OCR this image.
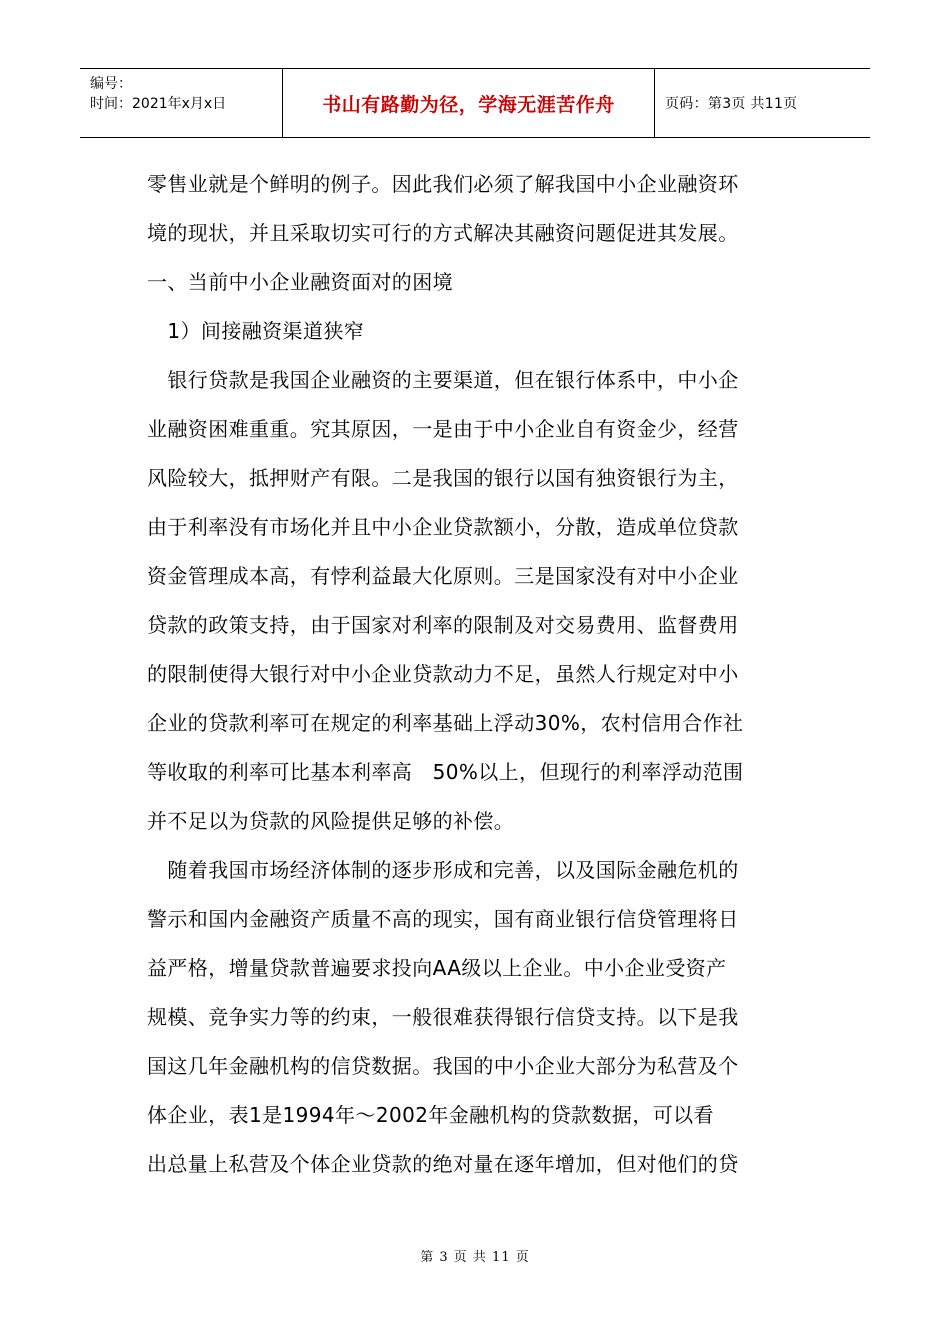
编号：
时间：2021年x月x日	书山有路勤为径，学海无涯苦作舟	页码：第3页 共11页
零售业就是个鲜明的例子。因此我们必须了解我国中小企业融资环
境的现状，并且采取切实可行的方式解决其融资问题促进其发展。
一、当前中小企业融资面对的困境
　1）间接融资渠道狭窄
　银行贷款是我国企业融资的主要渠道，但在银行体系中，中小企
业融资困难重重。究其原因，一是由于中小企业自有资金少，经营
风险较大，抵押财产有限。二是我国的银行以国有独资银行为主，
由于利率没有市场化并且中小企业贷款额小，分散，造成单位贷款
资金管理成本高，有悖利益最大化原则。三是国家没有对中小企业
贷款的政策支持，由于国家对利率的限制及对交易费用、监督费用
的限制使得大银行对中小企业贷款动力不足，虽然人行规定对中小
企业的贷款利率可在规定的利率基础上浮动30%，农村信用合作社
等收取的利率可比基本利率高　50%以上，但现行的利率浮动范围
并不足以为贷款的风险提供足够的补偿。
　随着我国市场经济体制的逐步形成和完善，以及国际金融危机的
警示和国内金融资产质量不高的现实，国有商业银行信贷管理将日
益严格，增量贷款普遍要求投向AA级以上企业。中小企业受资产
规模、竞争实力等的约束，一般很难获得银行信贷支持。以下是我
国这几年金融机构的信贷数据。我国的中小企业大部分为私营及个
体企业，表1是1994年～2002年金融机构的贷款数据，可以看
出总量上私营及个体企业贷款的绝对量在逐年增加，但对他们的贷
第 3 页 共 11 页
